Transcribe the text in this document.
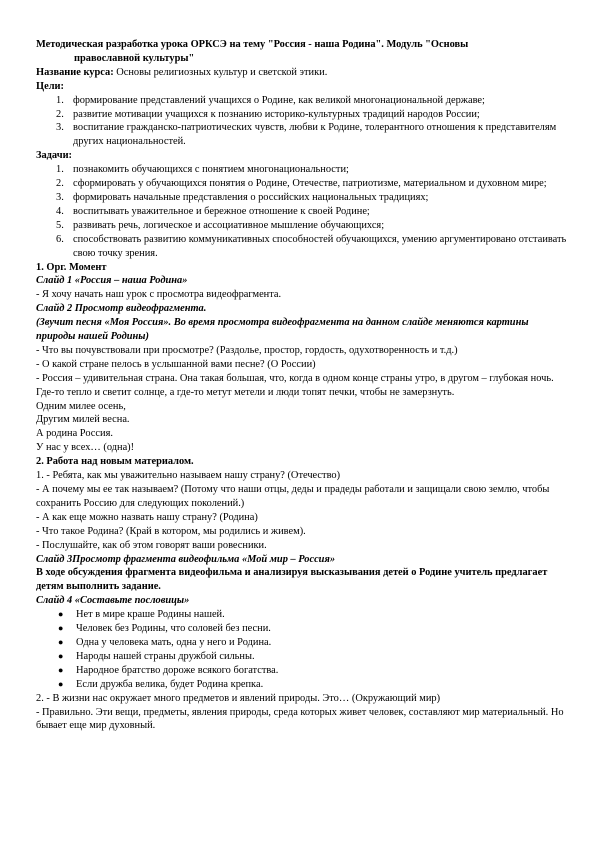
Методическая разработка урока ОРКСЭ на тему "Россия - наша Родина". Модуль "Основы
православной культуры"

Название курса: Основы религиозных культур и светской этики.

Цели:

1. формирование представлений учащихся о Родине, как великой многонациональной державе;
2. развитие мотивации учащихся к познанию историко-культурных традиций народов России;
3. воспитание гражданско-патриотических чувств, любви к Родине, толерантного отношения к представителям других национальностей.

Задачи:

1. познакомить обучающихся с понятием многонациональности;
2. сформировать у обучающихся понятия о Родине, Отечестве, патриотизме, материальном и духовном мире;
3. формировать начальные представления о российских национальных традициях;
4. воспитывать уважительное и бережное отношение к своей Родине;
5. развивать речь, логическое и ассоциативное мышление обучающихся;
6. способствовать развитию коммуникативных способностей обучающихся, умению аргументировано отстаивать свою точку зрения.

1. Орг. Момент

Слайд 1 «Россия – наша Родина»

- Я хочу начать наш урок с просмотра видеофрагмента.

Слайд 2 Просмотр видеофрагмента.

(Звучит песня «Моя Россия». Во время просмотра видеофрагмента на данном слайде меняются картины природы нашей Родины)

- Что вы почувствовали при просмотре? (Раздолье, простор, гордость, одухотворенность и т.д.)

- О какой стране пелось в услышанной вами песне? (О России)

- Россия – удивительная страна. Она такая большая, что, когда в одном конце страны утро, в другом – глубокая ночь. Где-то тепло и светит солнце, а где-то метут метели и люди топят печки, чтобы не замерзнуть.

Одним милее осень,

Другим милей весна.

А родина Россия.

У нас у всех… (одна)!

2. Работа над новым материалом.

1. - Ребята, как мы уважительно называем нашу страну? (Отечество)

- А почему мы ее так называем? (Потому что наши отцы, деды и прадеды работали и защищали свою землю, чтобы сохранить Россию для следующих поколений.)

- А как еще можно назвать нашу страну? (Родина)

- Что такое Родина? (Край в котором, мы родились и живем).

- Послушайте, как об этом говорят ваши ровесники.

Слайд 3Просмотр фрагмента видеофильма «Мой мир – Россия»

В ходе обсуждения фрагмента видеофильма и анализируя высказывания детей о Родине учитель предлагает детям выполнить задание.

Слайд 4 «Составьте пословицы»

● Нет в мире краше Родины нашей.
● Человек без Родины, что соловей без песни.
● Одна у человека мать, одна у него и Родина.
● Народы нашей страны дружбой сильны.
● Народное братство дороже всякого богатства.
● Если дружба велика, будет Родина крепка.

2. - В жизни нас окружает много предметов и явлений природы. Это… (Окружающий мир)

- Правильно. Эти вещи, предметы, явления природы, среда которых живет человек, составляют мир материальный. Но бывает еще мир духовный.
